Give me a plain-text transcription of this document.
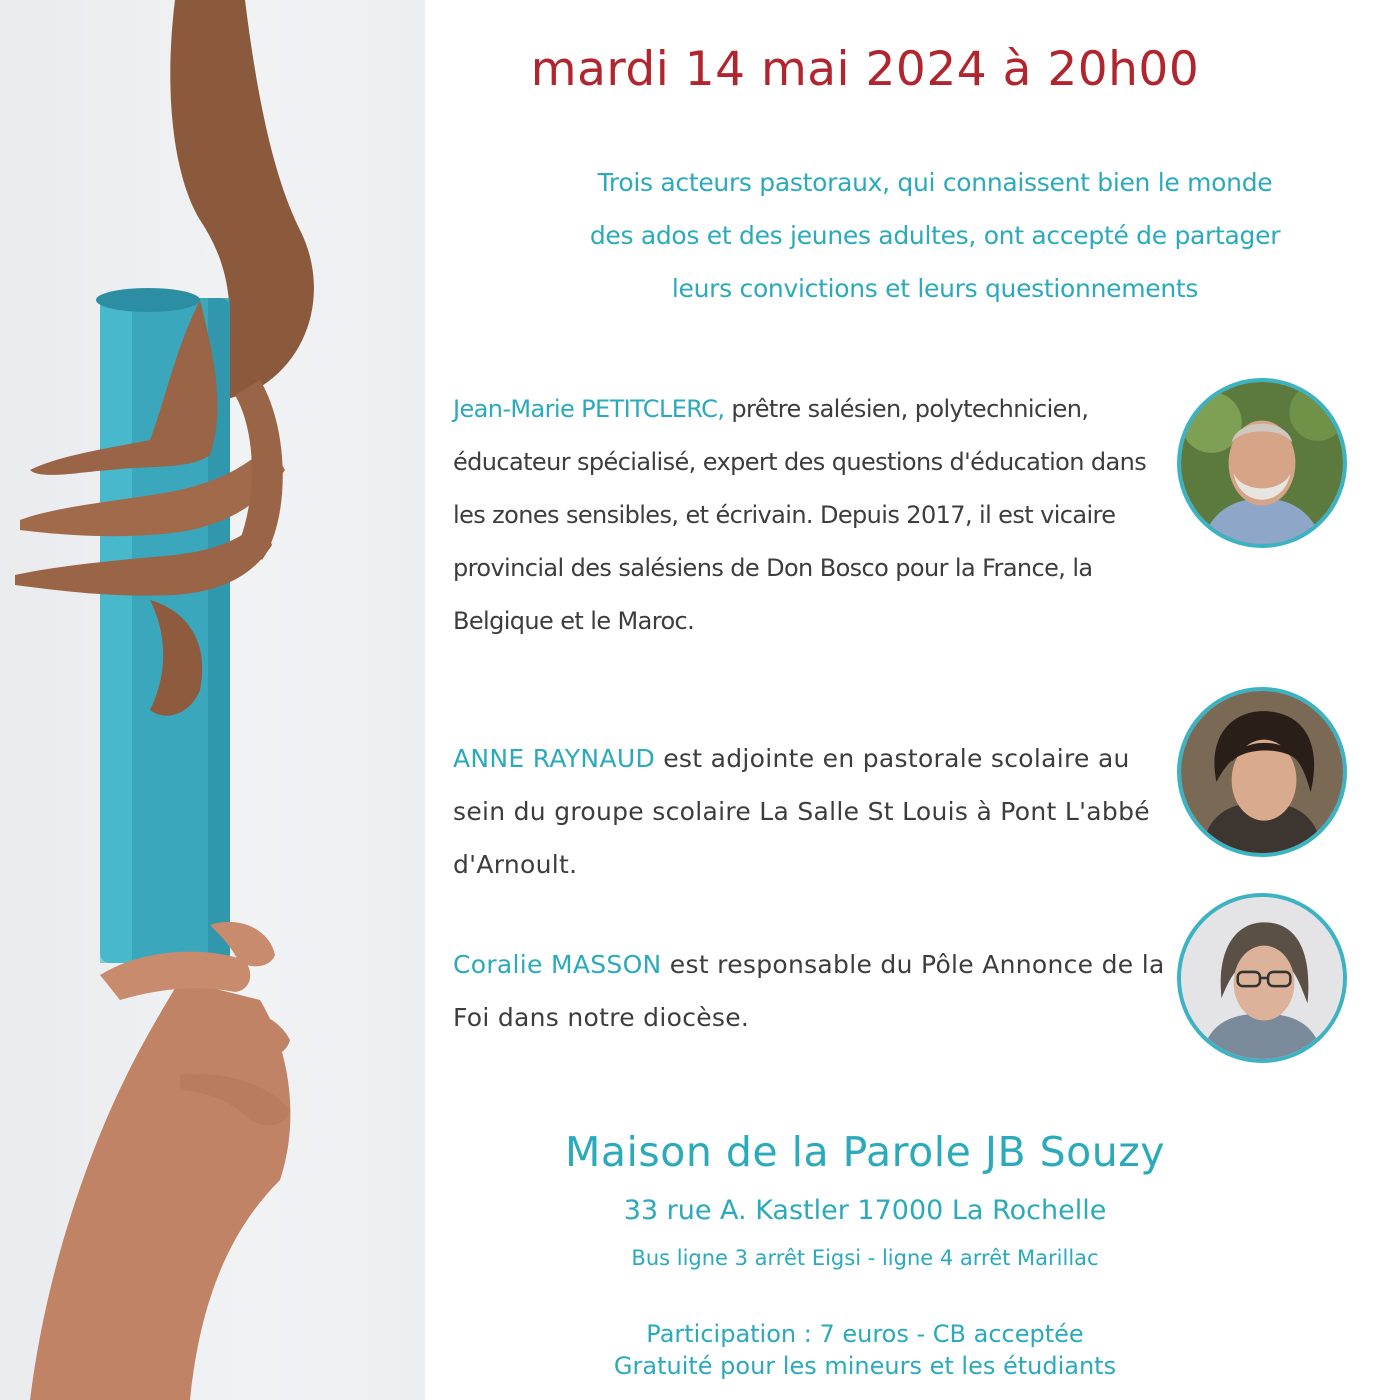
mardi 14 mai 2024 à 20h00
Trois acteurs pastoraux, qui connaissent bien le monde
des ados et des jeunes adultes, ont accepté de partager
leurs convictions et leurs questionnements
Jean-Marie PETITCLERC, prêtre salésien, polytechnicien, éducateur spécialisé, expert des questions d'éducation dans les zones sensibles, et écrivain. Depuis 2017, il est vicaire provincial des salésiens de Don Bosco pour la France, la Belgique et le Maroc.
ANNE RAYNAUD est adjointe en pastorale scolaire au sein du groupe scolaire La Salle St Louis à Pont L'abbé d'Arnoult.
Coralie MASSON est responsable du Pôle Annonce de la Foi dans notre diocèse.
Maison de la Parole JB Souzy
33 rue A. Kastler 17000 La Rochelle
Bus ligne 3 arrêt Eigsi - ligne 4 arrêt Marillac
Participation : 7 euros - CB acceptée
Gratuité pour les mineurs et les étudiants
